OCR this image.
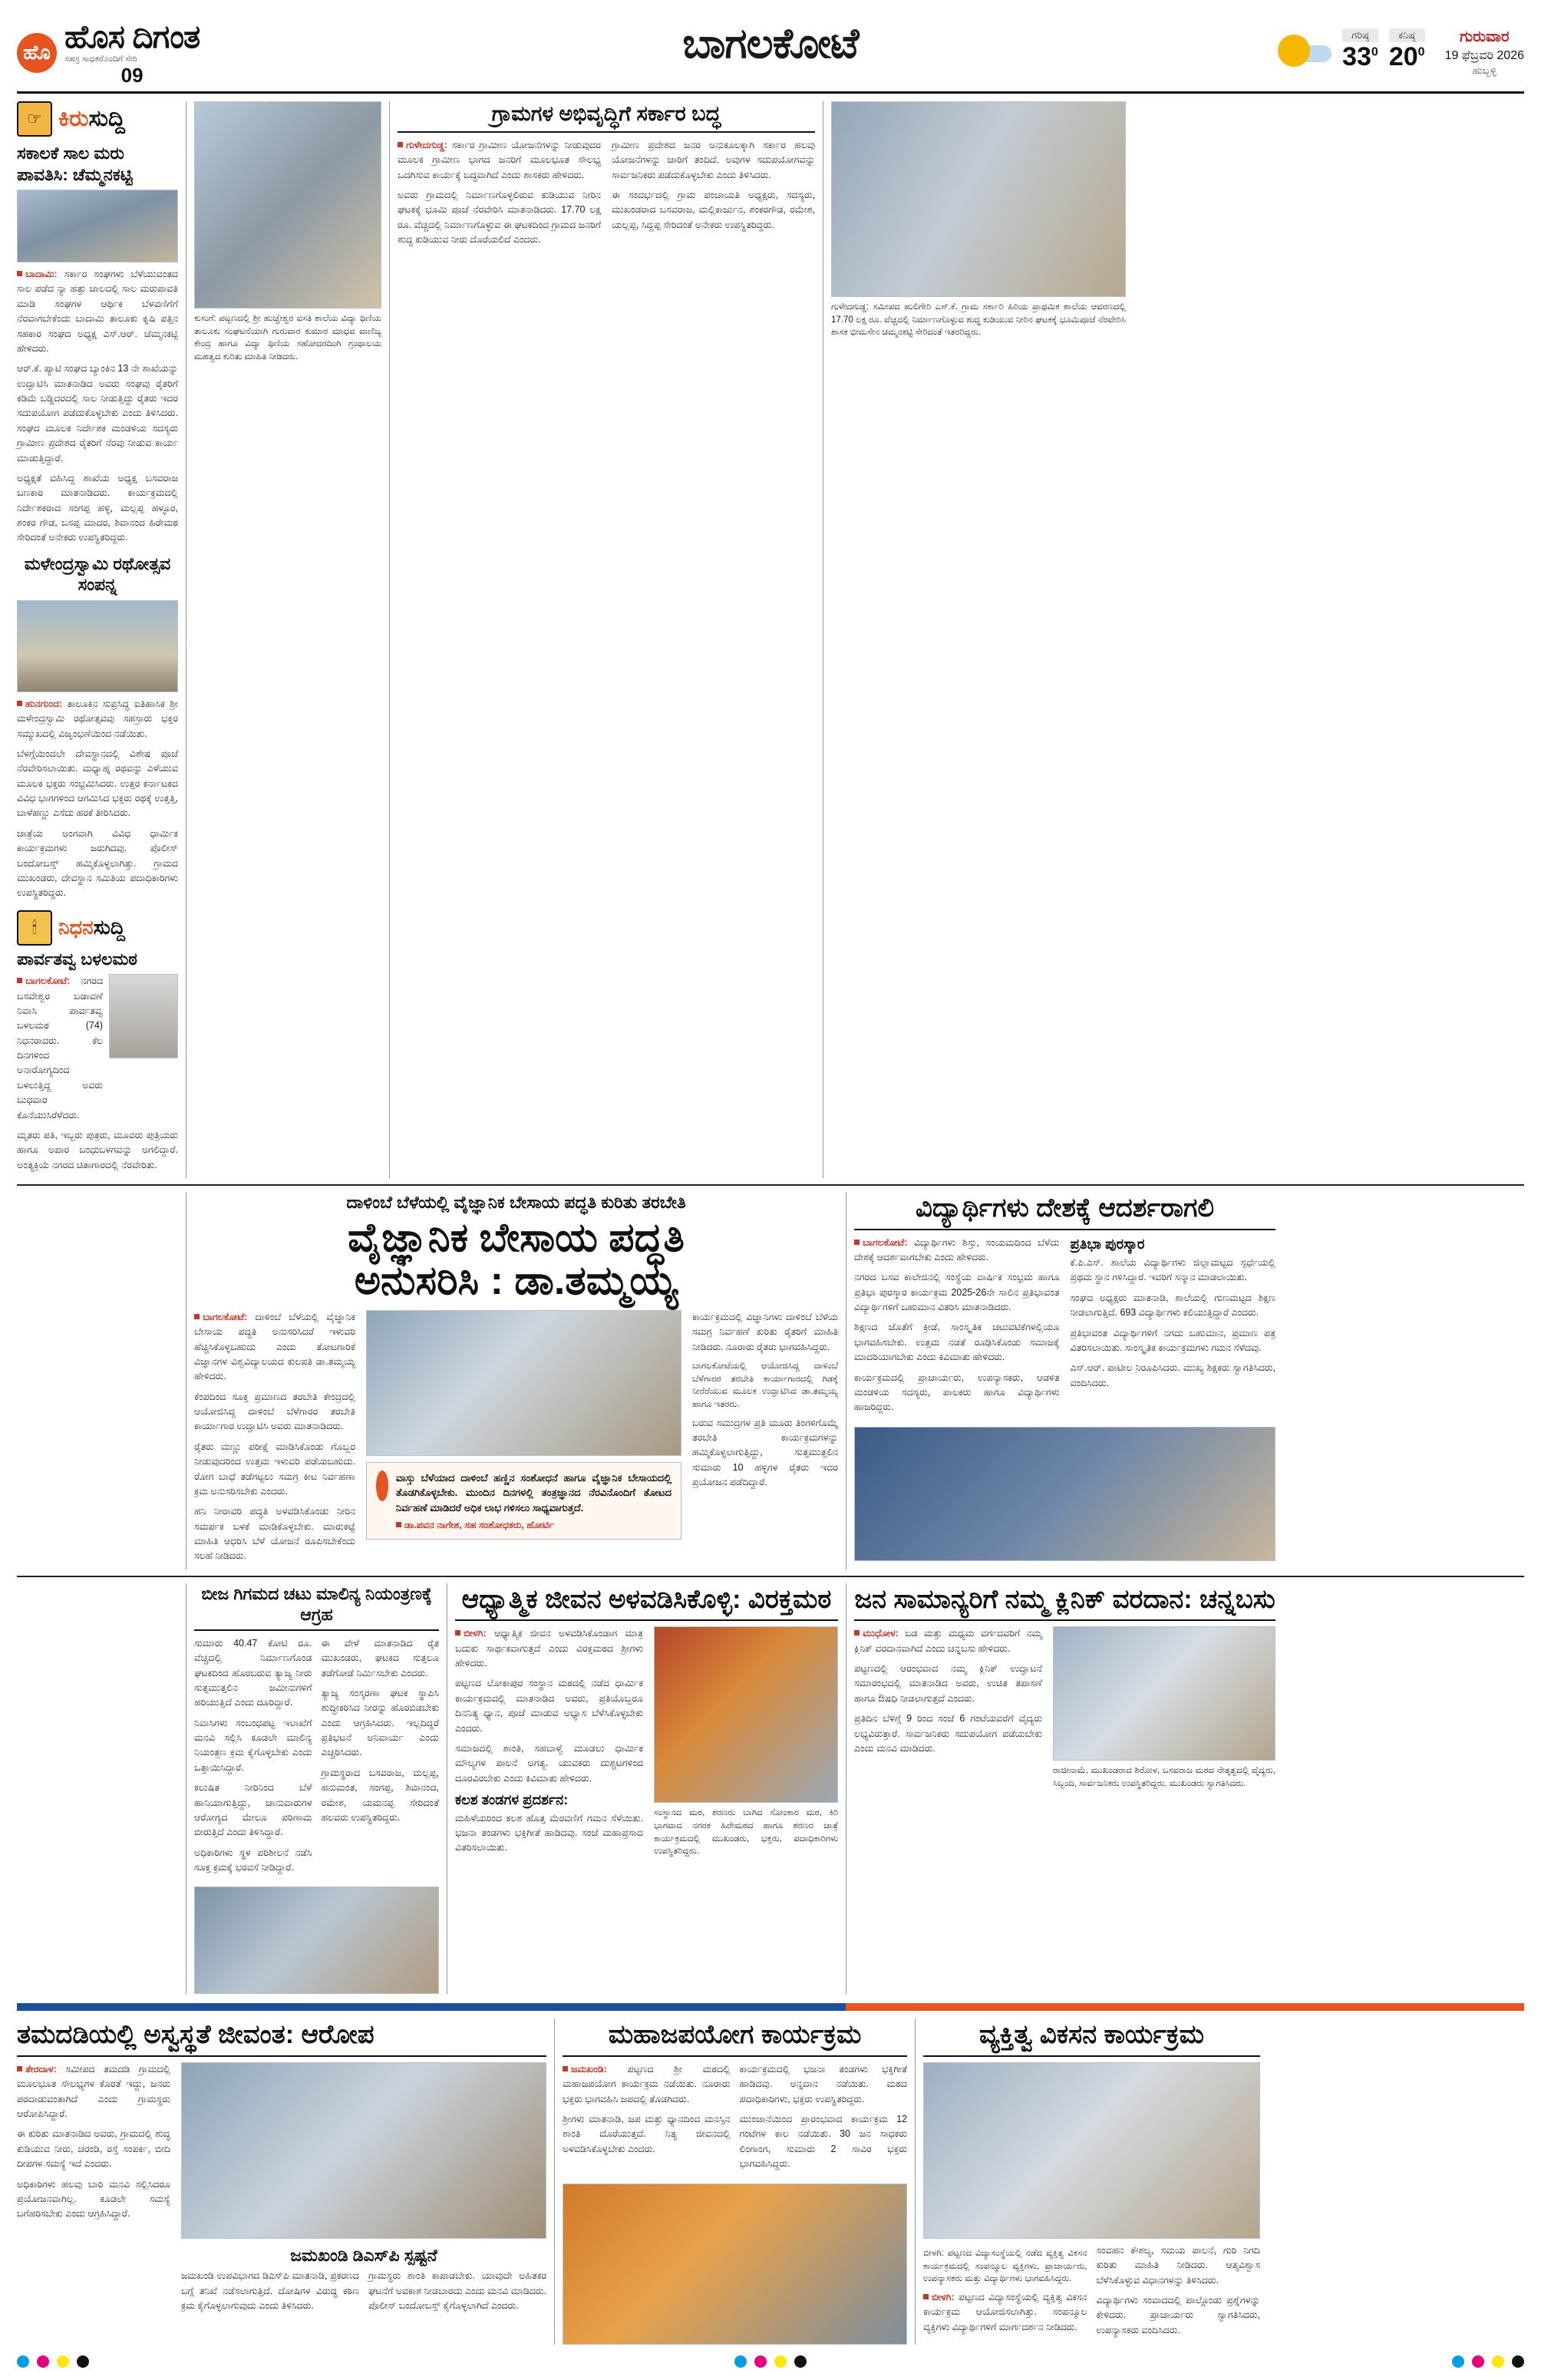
ಹೊ ಹೊಸ ದಿಗಂತ
ಸಹಸ್ರ ಸಾಧಕರೊಂದಿಗೆ ಸೇರಿ
09
ಬಾಗಲಕೋಟೆ	ಗರಿಷ್ಠ
$33^0$
ಕನಿಷ್ಠ
$20^0$
ಗುರುವಾರ
19 ಫೆಬ್ರವರಿ 2026
ಹುಬ್ಬಳ್ಳಿ
☞ ಕಿರುಸುದ್ದಿ
ಸಕಾಲಕೆ ಸಾಲ ಮರು ಪಾವತಿಸಿ: ಚೆಮ್ಮನಕಟ್ಟಿ

ಬಾದಾಮಿ: ಸರ್ಕಾರ ಸಂಘಗಳು ಬೆಳೆಯುವಂತದ ಸಾಲ ಪಡೆದ ನ್ಯಾ ಹತ್ತು ಜಾಲದಲ್ಲಿ ಸಾಲ ಮರುಪಾವತಿ ಮಾಡಿ ಸಂಘಗಳ ಆರ್ಥಿಕ ಬೆಳವಣಿಗೆಗೆ ನೆರವಾಗಬೇಕೆಂದು ಬಾದಾಮಿ ತಾಲೂಕು ಕೃಷಿ ಪತ್ತಿನ ಸಹಕಾರ ಸಂಘದ ಅಧ್ಯಕ್ಷ ಎಸ್.ಆರ್. ಚೆಮ್ಮನಕಟ್ಟಿ ಹೇಳಿದರು.

ಆರ್.ಕೆ. ಪ್ಯಾಟಿ ಸಂಘದ ಬ್ಯಾಂಕಿನ 13 ನೇ ಶಾಖೆಯನ್ನು ಉದ್ಘಾಟಿಸಿ ಮಾತನಾಡಿದ ಅವರು ಸಂಘವು ರೈತರಿಗೆ ಕಡಿಮೆ ಬಡ್ಡಿದರದಲ್ಲಿ ಸಾಲ ನೀಡುತ್ತಿದ್ದು ರೈತರು ಇದರ ಸದುಪಯೋಗ ಪಡೆದುಕೊಳ್ಳಬೇಕು ಎಂದು ತಿಳಿಸಿದರು. ಸಂಘದ ಮೂಲಕ ನಿರ್ದೇಶಕ ಮಂಡಳಿಯ ಸದಸ್ಯರು ಗ್ರಾಮೀಣ ಪ್ರದೇಶದ ರೈತರಿಗೆ ನೆರವು ನೀಡುವ ಕಾರ್ಯ ಮಾಡುತ್ತಿದ್ದಾರೆ.

ಅಧ್ಯಕ್ಷತೆ ವಹಿಸಿದ್ದ ಶಾಖೆಯ ಅಧ್ಯಕ್ಷ ಬಸವರಾಜ ಬಣಕಾರ ಮಾತನಾಡಿದರು. ಕಾರ್ಯಕ್ರಮದಲ್ಲಿ ನಿರ್ದೇಶಕರಾದ ಸಂಗಪ್ಪ ಹಳ್ಳಿ, ಮಲ್ಲಪ್ಪ ಹಳ್ಳೂರ, ಶಂಕರ ಗೌಡ, ಬಸಪ್ಪ ಮಾದರ, ಶಿವಾನಂದ ಹಿರೇಮಠ ಸೇರಿದಂತೆ ಅನೇಕರು ಉಪಸ್ಥಿತರಿದ್ದರು.

ಮಳೇಂದ್ರಸ್ವಾಮಿ ರಥೋತ್ಸವ ಸಂಪನ್ನ

ಹುನಗುಂದ: ತಾಲೂಕಿನ ಸುಪ್ರಸಿದ್ಧ ಐತಿಹಾಸಿಕ ಶ್ರೀ ಮಳೇಂದ್ರಸ್ವಾಮಿ ರಥೋತ್ಸವವು ಸಹಸ್ರಾರು ಭಕ್ತರ ಸಮ್ಮುಖದಲ್ಲಿ ವಿಜೃಂಭಣೆಯಿಂದ ನಡೆಯಿತು.

ಬೆಳಗ್ಗೆಯಿಂದಲೇ ದೇವಸ್ಥಾನದಲ್ಲಿ ವಿಶೇಷ ಪೂಜೆ ನೆರವೇರಿಸಲಾಯಿತು. ಮಧ್ಯಾಹ್ನ ರಥವನ್ನು ಎಳೆಯುವ ಮೂಲಕ ಭಕ್ತರು ಸಂಭ್ರಮಿಸಿದರು. ಉತ್ತರ ಕರ್ನಾಟಕದ ವಿವಿಧ ಭಾಗಗಳಿಂದ ಆಗಮಿಸಿದ ಭಕ್ತರು ರಥಕ್ಕೆ ಉತ್ತತ್ತಿ, ಬಾಳೆಹಣ್ಣು ಎಸೆದು ಹರಕೆ ತೀರಿಸಿದರು.

ಜಾತ್ರೆಯ ಅಂಗವಾಗಿ ವಿವಿಧ ಧಾರ್ಮಿಕ ಕಾರ್ಯಕ್ರಮಗಳು ಜರುಗಿದವು. ಪೊಲೀಸ್ ಬಂದೋಬಸ್ತ್ ಹಮ್ಮಿಕೊಳ್ಳಲಾಗಿತ್ತು. ಗ್ರಾಮದ ಮುಖಂಡರು, ದೇವಸ್ಥಾನ ಸಮಿತಿಯ ಪದಾಧಿಕಾರಿಗಳು ಉಪಸ್ಥಿತರಿದ್ದರು.

🕯	ನಿಧನಸುದ್ದಿ
ಪಾರ್ವತವ್ವ ಬಳಲಮಠ

ಬಾಗಲಕೋಟೆ: ನಗರದ ಬಸವೇಶ್ವರ ಬಡಾವಣೆ ನಿವಾಸಿ ಪಾರ್ವತವ್ವ ಬಳಲಮಠ (74) ನಿಧನರಾದರು. ಕೆಲ ದಿನಗಳಿಂದ ಅನಾರೋಗ್ಯದಿಂದ ಬಳಲುತ್ತಿದ್ದ ಅವರು ಬುಧವಾರ ಕೊನೆಯುಸಿರೆಳೆದರು.

ಮೃತರು ಪತಿ, ಇಬ್ಬರು ಪುತ್ರರು, ಮೂವರು ಪುತ್ರಿಯರು ಹಾಗೂ ಅಪಾರ ಬಂಧುಬಳಗವನ್ನು ಅಗಲಿದ್ದಾರೆ. ಅಂತ್ಯಕ್ರಿಯೆ ನಗರದ ಚಿತಾಗಾರದಲ್ಲಿ ನೆರವೇರಿತು.

ಕುಸುಗೆ: ಪಟ್ಟಣದಲ್ಲಿ ಶ್ರೀ ಹುಚ್ಚೇಶ್ವರ ವಸತಿ ಶಾಲೆಯ ವಿದ್ಯಾ ಥಿಣಿಯ ತಾಲೂಕು ಸಂಘಟನೆಯಾಗಿ ಗುರುವಾರ ಕುಮಾರ ಮಾಧವ ವಾಣಿಜ್ಯ ಕೇಂದ್ರ ಹಾಗೂ ವಿದ್ಯಾ ಥಿಣಿಯ ಸಹೋದರದಿಂಗಿ ಗ್ರಂಥಾಲಯ ಮಹತ್ವದ ಕುರಿತು ಮಾಹಿತಿ ನೀಡಿದರು.
ಗ್ರಾಮಗಳ ಅಭಿವೃದ್ಧಿಗೆ ಸರ್ಕಾರ ಬದ್ಧ

ಗುಳೇದಗುಡ್ಡ: ಸರ್ಕಾರ ಗ್ರಾಮೀಣ ಯೋಜನೆಗಳನ್ನು ನೀಡುವುದರ ಮೂಲಕ ಗ್ರಾಮೀಣ ಭಾಗದ ಜನರಿಗೆ ಮೂಲಭೂತ ಸೌಲಭ್ಯ ಒದಗಿಸುವ ಕಾರ್ಯಕ್ಕೆ ಬದ್ಧವಾಗಿದೆ ಎಂದು ಶಾಸಕರು ಹೇಳಿದರು.

ಅವರು ಗ್ರಾಮದಲ್ಲಿ ನಿರ್ಮಾಣಗೊಳ್ಳಲಿರುವ ಕುಡಿಯುವ ನೀರಿನ ಘಟಕಕ್ಕೆ ಭೂಮಿ ಪೂಜೆ ನೆರವೇರಿಸಿ ಮಾತನಾಡಿದರು. 17.70 ಲಕ್ಷ ರೂ. ವೆಚ್ಚದಲ್ಲಿ ನಿರ್ಮಾಣಗೊಳ್ಳುವ ಈ ಘಟಕದಿಂದ ಗ್ರಾಮದ ಜನರಿಗೆ ಶುದ್ಧ ಕುಡಿಯುವ ನೀರು ದೊರೆಯಲಿದೆ ಎಂದರು.

ಗ್ರಾಮೀಣ ಪ್ರದೇಶದ ಜನರ ಅನುಕೂಲಕ್ಕಾಗಿ ಸರ್ಕಾರ ಹಲವು ಯೋಜನೆಗಳನ್ನು ಜಾರಿಗೆ ತಂದಿದೆ. ಅವುಗಳ ಸದುಪಯೋಗವನ್ನು ಸಾರ್ವಜನಿಕರು ಪಡೆದುಕೊಳ್ಳಬೇಕು ಎಂದು ತಿಳಿಸಿದರು.

ಈ ಸಂದರ್ಭದಲ್ಲಿ ಗ್ರಾಮ ಪಂಚಾಯತಿ ಅಧ್ಯಕ್ಷರು, ಸದಸ್ಯರು, ಮುಖಂಡರಾದ ಬಸವರಾಜ, ಮಲ್ಲಿಕಾರ್ಜುನ, ಶಂಕರಗೌಡ, ರಮೇಶ, ಯಲ್ಲಪ್ಪ, ಸಿದ್ದಪ್ಪ ಸೇರಿದಂತೆ ಅನೇಕರು ಉಪಸ್ಥಿತರಿದ್ದರು.

ಗುಳೇದಗುಡ್ಡ: ಸಮೀಪದ ಹುಲಿಗೇರಿ ಎಸ್.ಕೆ. ಗ್ರಾಮ ಸರ್ಕಾರಿ ಹಿರಿಯ ಪ್ರಾಥಮಿಕ ಶಾಲೆಯ ಆವರಣದಲ್ಲಿ 17.70 ಲಕ್ಷ ರೂ. ವೆಚ್ಚದಲ್ಲಿ ನಿರ್ಮಾಣಗೊಳ್ಳುವ ಶುದ್ಧ ಕುಡಿಯುವ ನೀರಿನ ಘಟಕಕ್ಕೆ ಭೂಮಿಪೂಜೆ ನೆರವೇರಿಸಿ ಶಾಸಕ ಭೀಮಸೇನ ಚಿಮ್ಮನಕಟ್ಟಿ ಸೇರಿದಂತೆ ಇತರರಿದ್ದರು.
ದಾಳಿಂಬೆ ಬೆಳೆಯಲ್ಲಿ ವೈಜ್ಞಾನಿಕ ಬೇಸಾಯ ಪದ್ಧತಿ ಕುರಿತು ತರಬೇತಿ
ವೈಜ್ಞಾನಿಕ ಬೇಸಾಯ ಪದ್ಧತಿ
ಅನುಸರಿಸಿ : ಡಾ.ತಮ್ಮಯ್ಯ

ಬಾಗಲಕೋಟೆ: ದಾಳಿಂಬೆ ಬೆಳೆಯಲ್ಲಿ ವೈಜ್ಞಾನಿಕ ಬೇಸಾಯ ಪದ್ಧತಿ ಅನುಸರಿಸಿದರೆ ಇಳುವರಿ ಹೆಚ್ಚಿಸಿಕೊಳ್ಳಬಹುದು ಎಂದು ತೋಟಗಾರಿಕೆ ವಿಜ್ಞಾನಗಳ ವಿಶ್ವವಿದ್ಯಾಲಯದ ಕುಲಪತಿ ಡಾ.ತಮ್ಮಯ್ಯ ಹೇಳಿದರು.

ಕೆಂಪದಿಂದ ಸೂಕ್ತ ಪ್ರಮಾಣದ ತರಬೇತಿ ಕೇಂದ್ರದಲ್ಲಿ ಆಯೋಜಿಸಿದ್ದ ದಾಳಿಂಬೆ ಬೆಳೆಗಾರರ ತರಬೇತಿ ಕಾರ್ಯಾಗಾರ ಉದ್ಘಾಟಿಸಿ ಅವರು ಮಾತನಾಡಿದರು.

ರೈತರು ಮಣ್ಣು ಪರೀಕ್ಷೆ ಮಾಡಿಸಿಕೊಂಡು ಗೊಬ್ಬರ ನೀಡುವುದರಿಂದ ಉತ್ತಮ ಇಳುವರಿ ಪಡೆಯಬಹುದು. ರೋಗ ಬಾಧೆ ತಡೆಗಟ್ಟಲು ಸಮಗ್ರ ಕೀಟ ನಿರ್ವಹಣಾ ಕ್ರಮ ಅನುಸರಿಸಬೇಕು ಎಂದರು.

ಹನಿ ನೀರಾವರಿ ಪದ್ಧತಿ ಅಳವಡಿಸಿಕೊಂಡು ನೀರಿನ ಸಮರ್ಪಕ ಬಳಕೆ ಮಾಡಿಕೊಳ್ಳಬೇಕು. ಮಾರುಕಟ್ಟೆ ಮಾಹಿತಿ ಆಧರಿಸಿ ಬೆಳೆ ಯೋಜನೆ ರೂಪಿಸಬೇಕೆಂದು ಸಲಹೆ ನೀಡಿದರು.

ವಾಸ್ತು ಬೆಳೆಯಾದ ದಾಳಿಂಬೆ ಹಣ್ಣಿನ ಸಂಶೋಧನೆ ಹಾಗೂ ವೈಜ್ಞಾನಿಕ ಬೇಸಾಯದಲ್ಲಿ ತೊಡಗಿಕೊಳ್ಳಬೇಕು. ಮುಂದಿನ ದಿನಗಳಲ್ಲಿ ತಂತ್ರಜ್ಞಾನದ ನೆರವಿನೊಂದಿಗೆ ತೋಟದ ನಿರ್ವಹಣೆ ಮಾಡಿದರೆ ಅಧಿಕ ಲಾಭ ಗಳಿಸಲು ಸಾಧ್ಯವಾಗುತ್ತದೆ.
ಡಾ.ಪವನ ನಾಗೇಶ, ಸಹ ಸಂಶೋಧಕರು, ಹೋರ್ಟಿ

ಕಾರ್ಯಕ್ರಮದಲ್ಲಿ ವಿಜ್ಞಾನಿಗಳು ದಾಳಿಂಬೆ ಬೆಳೆಯ ಸಮಗ್ರ ನಿರ್ವಹಣೆ ಕುರಿತು ರೈತರಿಗೆ ಮಾಹಿತಿ ನೀಡಿದರು. ನೂರಾರು ರೈತರು ಭಾಗವಹಿಸಿದ್ದರು.

ಬಾಗಲಕೋಟೆಯಲ್ಲಿ ಆಯೋಜಿಸಿದ್ದ ದಾಳಿಂಬೆ ಬೆಳೆಗಾರರ ತರಬೇತಿ ಕಾರ್ಯಾಗಾರದಲ್ಲಿ ಗಿಡಕ್ಕೆ ನೀರೆರೆಯುವ ಮೂಲಕ ಉದ್ಘಾಟಿಸಿದ ಡಾ.ತಮ್ಮಯ್ಯ ಹಾಗೂ ಇತರರು.

ಬರುವ ಸಮುದ್ರಗಳ ಪ್ರತಿ ಮೂರು ತಿಂಗಳಿಗೊಮ್ಮೆ ತರಬೇತಿ ಕಾರ್ಯಕ್ರಮಗಳನ್ನು ಹಮ್ಮಿಕೊಳ್ಳಲಾಗುತ್ತಿದ್ದು, ಸುತ್ತಮುತ್ತಲಿನ ಸುಮಾರು 10 ಹಳ್ಳಿಗಳ ರೈತರು ಇದರ ಪ್ರಯೋಜನ ಪಡೆದಿದ್ದಾರೆ.

ವಿದ್ಯಾರ್ಥಿಗಳು ದೇಶಕ್ಕೆ ಆದರ್ಶರಾಗಲಿ

ಬಾಗಲಕೋಟೆ: ವಿದ್ಯಾರ್ಥಿಗಳು ಶಿಸ್ತು, ಸಂಯಮದಿಂದ ಬೆಳೆದು ದೇಶಕ್ಕೆ ಆದರ್ಶವಾಗಬೇಕು ಎಂದು ಹೇಳಿದರು.

ನಗರದ ಬಸವ ಕಾಲೇಜಿನಲ್ಲಿ ಸಂಸ್ಥೆಯ ವಾರ್ಷಿಕ ಸಂಭ್ರಮ ಹಾಗೂ ಪ್ರತಿಭಾ ಪುರಸ್ಕಾರ ಕಾರ್ಯಕ್ರಮ 2025-26ನೇ ಸಾಲಿನ ಪ್ರತಿಭಾವಂತ ವಿದ್ಯಾರ್ಥಿಗಳಿಗೆ ಬಹುಮಾನ ವಿತರಿಸಿ ಮಾತನಾಡಿದರು.

ಶಿಕ್ಷಣದ ಜೊತೆಗೆ ಕ್ರೀಡೆ, ಸಾಂಸ್ಕೃತಿಕ ಚಟುವಟಿಕೆಗಳಲ್ಲಿಯೂ ಭಾಗವಹಿಸಬೇಕು. ಉತ್ತಮ ನಡತೆ ರೂಢಿಸಿಕೊಂಡು ಸಮಾಜಕ್ಕೆ ಮಾದರಿಯಾಗಬೇಕು ಎಂದು ಕಿವಿಮಾತು ಹೇಳಿದರು.

ಕಾರ್ಯಕ್ರಮದಲ್ಲಿ ಪ್ರಾಚಾರ್ಯರು, ಉಪನ್ಯಾಸಕರು, ಆಡಳಿತ ಮಂಡಳಿಯ ಸದಸ್ಯರು, ಪಾಲಕರು ಹಾಗೂ ವಿದ್ಯಾರ್ಥಿಗಳು ಹಾಜರಿದ್ದರು.

ಪ್ರತಿಭಾ ಪುರಸ್ಕಾರ

ಕೆ.ಪಿ.ಎಸ್. ಶಾಲೆಯ ವಿದ್ಯಾರ್ಥಿಗಳು ಜಿಲ್ಲಾಮಟ್ಟದ ಸ್ಪರ್ಧೆಯಲ್ಲಿ ಪ್ರಥಮ ಸ್ಥಾನ ಗಳಿಸಿದ್ದಾರೆ. ಇವರಿಗೆ ಸನ್ಮಾನ ಮಾಡಲಾಯಿತು.

ಸಂಘದ ಅಧ್ಯಕ್ಷರು ಮಾತನಾಡಿ, ಶಾಲೆಯಲ್ಲಿ ಗುಣಮಟ್ಟದ ಶಿಕ್ಷಣ ನೀಡಲಾಗುತ್ತಿದೆ. 693 ವಿದ್ಯಾರ್ಥಿಗಳು ಕಲಿಯುತ್ತಿದ್ದಾರೆ ಎಂದರು.

ಪ್ರತಿಭಾವಂತ ವಿದ್ಯಾರ್ಥಿಗಳಿಗೆ ನಗದು ಬಹುಮಾನ, ಪ್ರಮಾಣ ಪತ್ರ ವಿತರಿಸಲಾಯಿತು. ಸಾಂಸ್ಕೃತಿಕ ಕಾರ್ಯಕ್ರಮಗಳು ಗಮನ ಸೆಳೆದವು.

ಎಸ್.ಆರ್. ಪಾಟೀಲ ನಿರೂಪಿಸಿದರು. ಮುಖ್ಯ ಶಿಕ್ಷಕರು ಸ್ವಾಗತಿಸಿದರು, ವಂದಿಸಿದರು.

ಬೀಜ ಗಿಗಮದ ಚಟು ಮಾಲಿನ್ಯ ನಿಯಂತ್ರಣಕ್ಕೆ ಆಗ್ರಹ

ಸುಮಾರು 40.47 ಕೋಟಿ ರೂ. ವೆಚ್ಚದಲ್ಲಿ ನಿರ್ಮಾಣಗೊಂಡ ಘಟಕದಿಂದ ಹೊರಬರುವ ತ್ಯಾಜ್ಯ ನೀರು ಸುತ್ತಮುತ್ತಲಿನ ಜಮೀನುಗಳಿಗೆ ಹರಿಯುತ್ತಿದೆ ಎಂದು ದೂರಿದ್ದಾರೆ.

ನಿವಾಸಿಗಳು ಸಂಬಂಧಪಟ್ಟ ಇಲಾಖೆಗೆ ಮನವಿ ಸಲ್ಲಿಸಿ ಕೂಡಲೇ ಮಾಲಿನ್ಯ ನಿಯಂತ್ರಣ ಕ್ರಮ ಕೈಗೊಳ್ಳಬೇಕು ಎಂದು ಒತ್ತಾಯಿಸಿದ್ದಾರೆ.

ಕಲುಷಿತ ನೀರಿನಿಂದ ಬೆಳೆ ಹಾನಿಯಾಗುತ್ತಿದ್ದು, ಜಾನುವಾರುಗಳ ಆರೋಗ್ಯದ ಮೇಲೂ ಪರಿಣಾಮ ಬೀರುತ್ತಿದೆ ಎಂದು ತಿಳಿಸಿದ್ದಾರೆ.

ಅಧಿಕಾರಿಗಳು ಸ್ಥಳ ಪರಿಶೀಲನೆ ನಡೆಸಿ ಸೂಕ್ತ ಕ್ರಮಕ್ಕೆ ಭರವಸೆ ನೀಡಿದ್ದಾರೆ.

ಈ ವೇಳೆ ಮಾತನಾಡಿದ ರೈತ ಮುಖಂಡರು, ಘಟಕದ ಸುತ್ತಲೂ ತಡೆಗೋಡೆ ನಿರ್ಮಿಸಬೇಕು ಎಂದರು.

ತ್ಯಾಜ್ಯ ಸಂಸ್ಕರಣಾ ಘಟಕ ಸ್ಥಾಪಿಸಿ ಶುದ್ಧೀಕರಿಸಿದ ನೀರನ್ನು ಹೊರಬಿಡಬೇಕು ಎಂದು ಆಗ್ರಹಿಸಿದರು. ಇಲ್ಲದಿದ್ದರೆ ಪ್ರತಿಭಟನೆ ಅನಿವಾರ್ಯ ಎಂದು ಎಚ್ಚರಿಸಿದರು.

ಗ್ರಾಮಸ್ಥರಾದ ಬಸವರಾಜ, ಮಲ್ಲಪ್ಪ, ಹನುಮಂತ, ಸಂಗಪ್ಪ, ಶಿವಾನಂದ, ರಮೇಶ, ಯಮನಪ್ಪ ಸೇರಿದಂತೆ ಹಲವರು ಉಪಸ್ಥಿತರಿದ್ದರು.

ಆಧ್ಯಾತ್ಮಿಕ ಜೀವನ ಅಳವಡಿಸಿಕೊಳ್ಳಿ: ವಿರಕ್ತಮಠ

ಬೀಳಗಿ: ಆಧ್ಯಾತ್ಮಿಕ ಜೀವನ ಅಳವಡಿಸಿಕೊಂಡಾಗ ಮಾತ್ರ ಬದುಕು ಸಾರ್ಥಕವಾಗುತ್ತದೆ ಎಂದು ವಿರಕ್ತಮಠದ ಶ್ರೀಗಳು ಹೇಳಿದರು.

ಪಟ್ಟಣದ ಲೋಕಾಪುರ ಸಂಸ್ಥಾನ ಮಠದಲ್ಲಿ ನಡೆದ ಧಾರ್ಮಿಕ ಕಾರ್ಯಕ್ರಮದಲ್ಲಿ ಮಾತನಾಡಿದ ಅವರು, ಪ್ರತಿಯೊಬ್ಬರೂ ದಿನನಿತ್ಯ ಧ್ಯಾನ, ಪೂಜೆ ಮಾಡುವ ಅಭ್ಯಾಸ ಬೆಳೆಸಿಕೊಳ್ಳಬೇಕು ಎಂದರು.

ಸಮಾಜದಲ್ಲಿ ಶಾಂತಿ, ಸಹಬಾಳ್ವೆ ಮೂಡಲು ಧಾರ್ಮಿಕ ಮೌಲ್ಯಗಳ ಪಾಲನೆ ಅಗತ್ಯ. ಯುವಕರು ದುಶ್ಚಟಗಳಿಂದ ದೂರವಿರಬೇಕು ಎಂದು ಕಿವಿಮಾತು ಹೇಳಿದರು.

ಕಲಶ ತಂಡಗಳ ಪ್ರದರ್ಶನ:

ಮಹಿಳೆಯರಿಂದ ಕಲಶ ಹೊತ್ತ ಮೆರವಣಿಗೆ ಗಮನ ಸೆಳೆಯಿತು. ಭಜನಾ ತಂಡಗಳು ಭಕ್ತಿಗೀತೆ ಹಾಡಿದವು. ಸಂಜೆ ಮಹಾಪ್ರಸಾದ ವಿತರಿಸಲಾಯಿತು.

ಸಂಸ್ಥಾನದ ಮಠ, ಶರಣರು ಬಾಗಿದ ಸೋಂಕಾರ ಮಠ, ಕಿರಿ ಭಾಗವಾದ ನಗರಕ ಹಿರೇಮಠದ ಹಾಗೂ ಶರಣರ ಜಾತ್ರೆ ಕಾರ್ಯಕ್ರಮದಲ್ಲಿ ಮುಖಂಡರು, ಭಕ್ತರು, ಪದಾಧಿಕಾರಿಗಳು ಉಪಸ್ಥಿತರಿದ್ದರು.
ಜನ ಸಾಮಾನ್ಯರಿಗೆ ನಮ್ಮ ಕ್ಲಿನಿಕ್ ವರದಾನ: ಚನ್ನಬಸು

ಮುಧೋಳ: ಬಡ ಮತ್ತು ಮಧ್ಯಮ ವರ್ಗದವರಿಗೆ ನಮ್ಮ ಕ್ಲಿನಿಕ್ ವರದಾನವಾಗಿದೆ ಎಂದು ಚನ್ನಬಸು ಹೇಳಿದರು.

ಪಟ್ಟಣದಲ್ಲಿ ಆರಂಭವಾದ ನಮ್ಮ ಕ್ಲಿನಿಕ್ ಉದ್ಘಾಟನೆ ಸಮಾರಂಭದಲ್ಲಿ ಮಾತನಾಡಿದ ಅವರು, ಉಚಿತ ತಪಾಸಣೆ ಹಾಗೂ ಔಷಧಿ ನೀಡಲಾಗುತ್ತದೆ ಎಂದರು.

ಪ್ರತಿದಿನ ಬೆಳಿಗ್ಗೆ 9 ರಿಂದ ಸಂಜೆ 6 ಗಂಟೆಯವರೆಗೆ ವೈದ್ಯರು ಲಭ್ಯವಿರುತ್ತಾರೆ. ಸಾರ್ವಜನಿಕರು ಸದುಪಯೋಗ ಪಡೆಯಬೇಕು ಎಂದು ಮನವಿ ಮಾಡಿದರು.

ರಾಜೀನಾಮೆ, ಮುಖಂಡರಾದ ಶಿರೋಳ, ಬಸವರಾಜ ಮಠದ ನೇತೃತ್ವದಲ್ಲಿ ವೈದ್ಯರು, ಸಿಬ್ಬಂದಿ, ಸಾರ್ವಜನಿಕರು ಉಪಸ್ಥಿತರಿದ್ದರು. ಮುಖಂಡರು ಸ್ವಾಗತಿಸಿದರು.
ತಮದಡಿಯಲ್ಲಿ ಅಸ್ವಸ್ಥತೆ ಜೀವಂತ: ಆರೋಪ

ತೇರದಾಳ: ಸಮೀಪದ ತಮದಡಿ ಗ್ರಾಮದಲ್ಲಿ ಮೂಲಭೂತ ಸೌಲಭ್ಯಗಳ ಕೊರತೆ ಇದ್ದು, ಜನರು ಪರದಾಡುವಂತಾಗಿದೆ ಎಂದು ಗ್ರಾಮಸ್ಥರು ಆರೋಪಿಸಿದ್ದಾರೆ.

ಈ ಕುರಿತು ಮಾತನಾಡಿದ ಅವರು, ಗ್ರಾಮದಲ್ಲಿ ಶುದ್ಧ ಕುಡಿಯುವ ನೀರು, ಚರಂಡಿ, ರಸ್ತೆ ಸಂಪರ್ಕ, ಬೀದಿ ದೀಪಗಳ ಸಮಸ್ಯೆ ಇದೆ ಎಂದರು.

ಅಧಿಕಾರಿಗಳು ಹಲವು ಬಾರಿ ಮನವಿ ಸಲ್ಲಿಸಿದರೂ ಪ್ರಯೋಜನವಾಗಿಲ್ಲ. ಕೂಡಲೇ ಸಮಸ್ಯೆ ಬಗೆಹರಿಸಬೇಕು ಎಂದು ಆಗ್ರಹಿಸಿದ್ದಾರೆ.

ಜಮಖಂಡಿ ಡಿಎಸ್‌ಪಿ ಸ್ಪಷ್ಟನೆ

ಜಮಖಂಡಿ ಉಪವಿಭಾಗದ ಡಿಎಸ್‌ಪಿ ಮಾತನಾಡಿ, ಪ್ರಕರಣದ ಬಗ್ಗೆ ತನಿಖೆ ನಡೆಸಲಾಗುತ್ತಿದೆ. ದೋಷಿಗಳ ವಿರುದ್ಧ ಕಠಿಣ ಕ್ರಮ ಕೈಗೊಳ್ಳಲಾಗುವುದು ಎಂದು ತಿಳಿಸಿದರು.

ಗ್ರಾಮಸ್ಥರು ಶಾಂತಿ ಕಾಪಾಡಬೇಕು. ಯಾವುದೇ ಅಹಿತಕರ ಘಟನೆಗೆ ಅವಕಾಶ ನೀಡಬಾರದು ಎಂದು ಮನವಿ ಮಾಡಿದರು. ಪೊಲೀಸ್ ಬಂದೋಬಸ್ತ್ ಕೈಗೊಳ್ಳಲಾಗಿದೆ ಎಂದರು.

ಮಹಾಜಪಯೋಗ ಕಾರ್ಯಕ್ರಮ

ಜಮಖಂಡಿ: ಪಟ್ಟಣದ ಶ್ರೀ ಮಠದಲ್ಲಿ ಮಹಾಜಪಯೋಗ ಕಾರ್ಯಕ್ರಮ ನಡೆಯಿತು. ನೂರಾರು ಭಕ್ತರು ಭಾಗವಹಿಸಿ ಜಪದಲ್ಲಿ ತೊಡಗಿದರು.

ಶ್ರೀಗಳು ಮಾತನಾಡಿ, ಜಪ ಮತ್ತು ಧ್ಯಾನದಿಂದ ಮನಸ್ಸಿನ ಶಾಂತಿ ದೊರೆಯುತ್ತದೆ. ನಿತ್ಯ ಜೀವನದಲ್ಲಿ ಅಳವಡಿಸಿಕೊಳ್ಳಬೇಕು ಎಂದರು.

ಕಾರ್ಯಕ್ರಮದಲ್ಲಿ ಭಜನಾ ತಂಡಗಳು ಭಕ್ತಿಗೀತೆ ಹಾಡಿದವು. ಅನ್ನದಾನ ನಡೆಯಿತು. ಮಠದ ಪದಾಧಿಕಾರಿಗಳು, ಭಕ್ತರು ಉಪಸ್ಥಿತರಿದ್ದರು.

ಮುಂಜಾನೆಯಿಂದ ಪ್ರಾರಂಭವಾದ ಕಾರ್ಯಕ್ರಮ 12 ಗಂಟೆಗಳ ಕಾಲ ನಡೆಯಿತು. 30 ಜನ ಸಾಧಕರು ಲಿಂಗಾಂಗ, ಸುಮಾರು 2 ಸಾವಿರ ಭಕ್ತರು ಭಾಗವಹಿಸಿದ್ದರು.

ವ್ಯಕ್ತಿತ್ವ ವಿಕಸನ ಕಾರ್ಯಕ್ರಮ
ಬೀಳಗಿ: ಪಟ್ಟಣದ ವಿದ್ಯಾಸಂಸ್ಥೆಯಲ್ಲಿ ನಡೆದ ವ್ಯಕ್ತಿತ್ವ ವಿಕಸನ ಕಾರ್ಯಕ್ರಮದಲ್ಲಿ ಸಂಪನ್ಮೂಲ ವ್ಯಕ್ತಿಗಳು, ಪ್ರಾಚಾರ್ಯರು, ಉಪನ್ಯಾಸಕರು ಮತ್ತು ವಿದ್ಯಾರ್ಥಿಗಳು ಭಾಗವಹಿಸಿದ್ದರು.

ಬೀಳಗಿ: ಪಟ್ಟಣದ ವಿದ್ಯಾಸಂಸ್ಥೆಯಲ್ಲಿ ವ್ಯಕ್ತಿತ್ವ ವಿಕಸನ ಕಾರ್ಯಕ್ರಮ ಆಯೋಜಿಸಲಾಗಿತ್ತು. ಸಂಪನ್ಮೂಲ ವ್ಯಕ್ತಿಗಳು ವಿದ್ಯಾರ್ಥಿಗಳಿಗೆ ಮಾರ್ಗದರ್ಶನ ನೀಡಿದರು.

ಸಂವಹನ ಕೌಶಲ್ಯ, ಸಮಯ ಪಾಲನೆ, ಗುರಿ ನಿಗದಿ ಕುರಿತು ಮಾಹಿತಿ ನೀಡಿದರು. ಆತ್ಮವಿಶ್ವಾಸ ಬೆಳೆಸಿಕೊಳ್ಳುವ ವಿಧಾನಗಳನ್ನು ತಿಳಿಸಿದರು.

ವಿದ್ಯಾರ್ಥಿಗಳು ಸಂವಾದದಲ್ಲಿ ಪಾಲ್ಗೊಂಡು ಪ್ರಶ್ನೆಗಳನ್ನು ಕೇಳಿದರು. ಪ್ರಾಚಾರ್ಯರು ಸ್ವಾಗತಿಸಿದರು, ಉಪನ್ಯಾಸಕರು ವಂದಿಸಿದರು.
